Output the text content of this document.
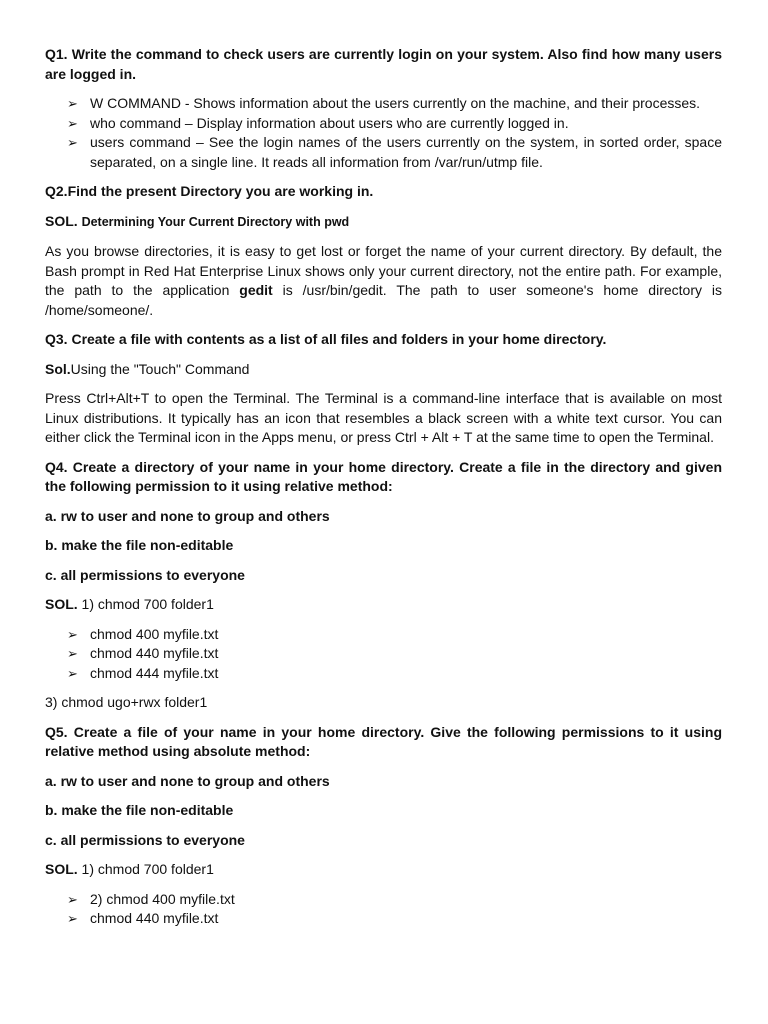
Q1. Write the command to check users are currently login on your system. Also find how many users are logged in.
➢ W COMMAND - Shows information about the users currently on the machine, and their processes.
➢ who command – Display information about users who are currently logged in.
➢ users command – See the login names of the users currently on the system, in sorted order, space separated, on a single line. It reads all information from /var/run/utmp file.
Q2.Find the present Directory you are working in.
SOL. Determining Your Current Directory with pwd
As you browse directories, it is easy to get lost or forget the name of your current directory. By default, the Bash prompt in Red Hat Enterprise Linux shows only your current directory, not the entire path. For example, the path to the application gedit is /usr/bin/gedit. The path to user someone's home directory is /home/someone/.
Q3. Create a file with contents as a list of all files and folders in your home directory.
Sol.Using the "Touch" Command
Press Ctrl+Alt+T to open the Terminal. The Terminal is a command-line interface that is available on most Linux distributions. It typically has an icon that resembles a black screen with a white text cursor. You can either click the Terminal icon in the Apps menu, or press Ctrl + Alt + T at the same time to open the Terminal.
Q4. Create a directory of your name in your home directory. Create a file in the directory and given the following permission to it using relative method:
a. rw to user and none to group and others
b. make the file non-editable
c. all permissions to everyone
SOL. 1) chmod 700 folder1
➢ chmod 400 myfile.txt
➢ chmod 440 myfile.txt
➢ chmod 444 myfile.txt
3) chmod ugo+rwx folder1
Q5. Create a file of your name in your home directory. Give the following permissions to it using relative method using absolute method:
a. rw to user and none to group and others
b. make the file non-editable
c. all permissions to everyone
SOL. 1) chmod 700 folder1
➢ 2) chmod 400 myfile.txt
➢ chmod 440 myfile.txt
